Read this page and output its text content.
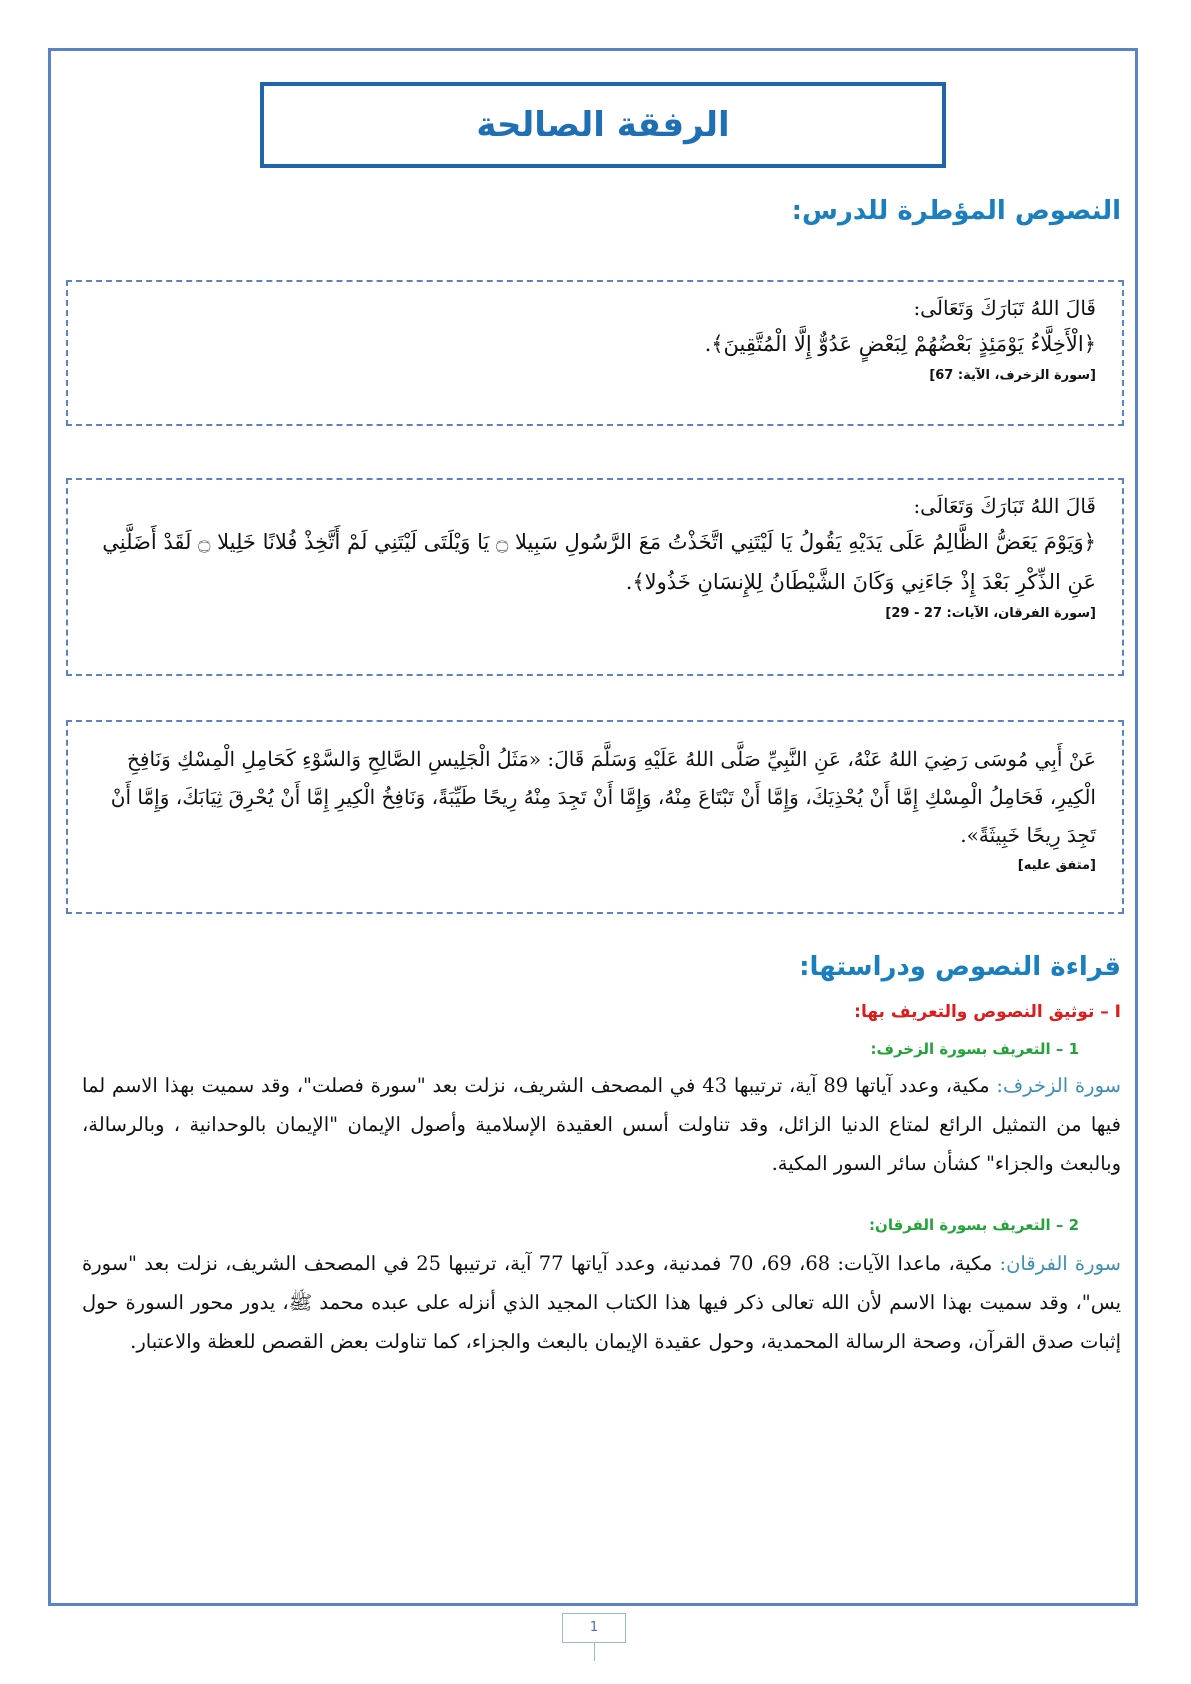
الرفقة الصالحة
النصوص المؤطرة للدرس:

قَالَ اللهُ تَبَارَكَ وَتَعَالَى:

﴿الْأَخِلَّاءُ يَوْمَئِذٍ بَعْضُهُمْ لِبَعْضٍ عَدُوٌّ إِلَّا الْمُتَّقِينَ﴾.

[سورة الزخرف، الآية: 67]

قَالَ اللهُ تَبَارَكَ وَتَعَالَى:

﴿وَيَوْمَ يَعَضُّ الظَّالِمُ عَلَى يَدَيْهِ يَقُولُ يَا لَيْتَنِي اتَّخَذْتُ مَعَ الرَّسُولِ سَبِيلا ۝ يَا وَيْلَتَى لَيْتَنِي لَمْ أَتَّخِذْ فُلانًا خَلِيلا ۝ لَقَدْ أَضَلَّنِي عَنِ الذِّكْرِ بَعْدَ إِذْ جَاءَنِي وَكَانَ الشَّيْطَانُ لِلإِنسَانِ خَذُولا﴾.

[سورة الفرقان، الآيات: 27 - 29]

عَنْ أَبِي مُوسَى رَضِيَ اللهُ عَنْهُ، عَنِ النَّبِيِّ صَلَّى اللهُ عَلَيْهِ وَسَلَّمَ قَالَ: «مَثَلُ الْجَلِيسِ الصَّالِحِ وَالسَّوْءِ كَحَامِلِ الْمِسْكِ وَنَافِخِ الْكِيرِ، فَحَامِلُ الْمِسْكِ إِمَّا أَنْ يُحْذِيَكَ، وَإِمَّا أَنْ تَبْتَاعَ مِنْهُ، وَإِمَّا أَنْ تَجِدَ مِنْهُ رِيحًا طَيِّبَةً، وَنَافِخُ الْكِيرِ إِمَّا أَنْ يُحْرِقَ ثِيَابَكَ، وَإِمَّا أَنْ تَجِدَ رِيحًا خَبِيثَةً».

[متفق عليه]
قراءة النصوص ودراستها:
I – توثيق النصوص والتعريف بها:
1 – التعريف بسورة الزخرف:

سورة الزخرف: مكية، وعدد آياتها 89 آية، ترتيبها 43 في المصحف الشريف، نزلت بعد "سورة فصلت"، وقد سميت بهذا الاسم لما فيها من التمثيل الرائع لمتاع الدنيا الزائل، وقد تناولت أسس العقيدة الإسلامية وأصول الإيمان "الإيمان بالوحدانية ، وبالرسالة، وبالبعث والجزاء" كشأن سائر السور المكية.

2 – التعريف بسورة الفرقان:

سورة الفرقان: مكية، ماعدا الآيات: 68، 69، 70 فمدنية، وعدد آياتها 77 آية، ترتيبها 25 في المصحف الشريف، نزلت بعد "سورة يس"، وقد سميت بهذا الاسم لأن الله تعالى ذكر فيها هذا الكتاب المجيد الذي أنزله على عبده محمد ﷺ، يدور محور السورة حول إثبات صدق القرآن، وصحة الرسالة المحمدية، وحول عقيدة الإيمان بالبعث والجزاء، كما تناولت بعض القصص للعظة والاعتبار.

1
